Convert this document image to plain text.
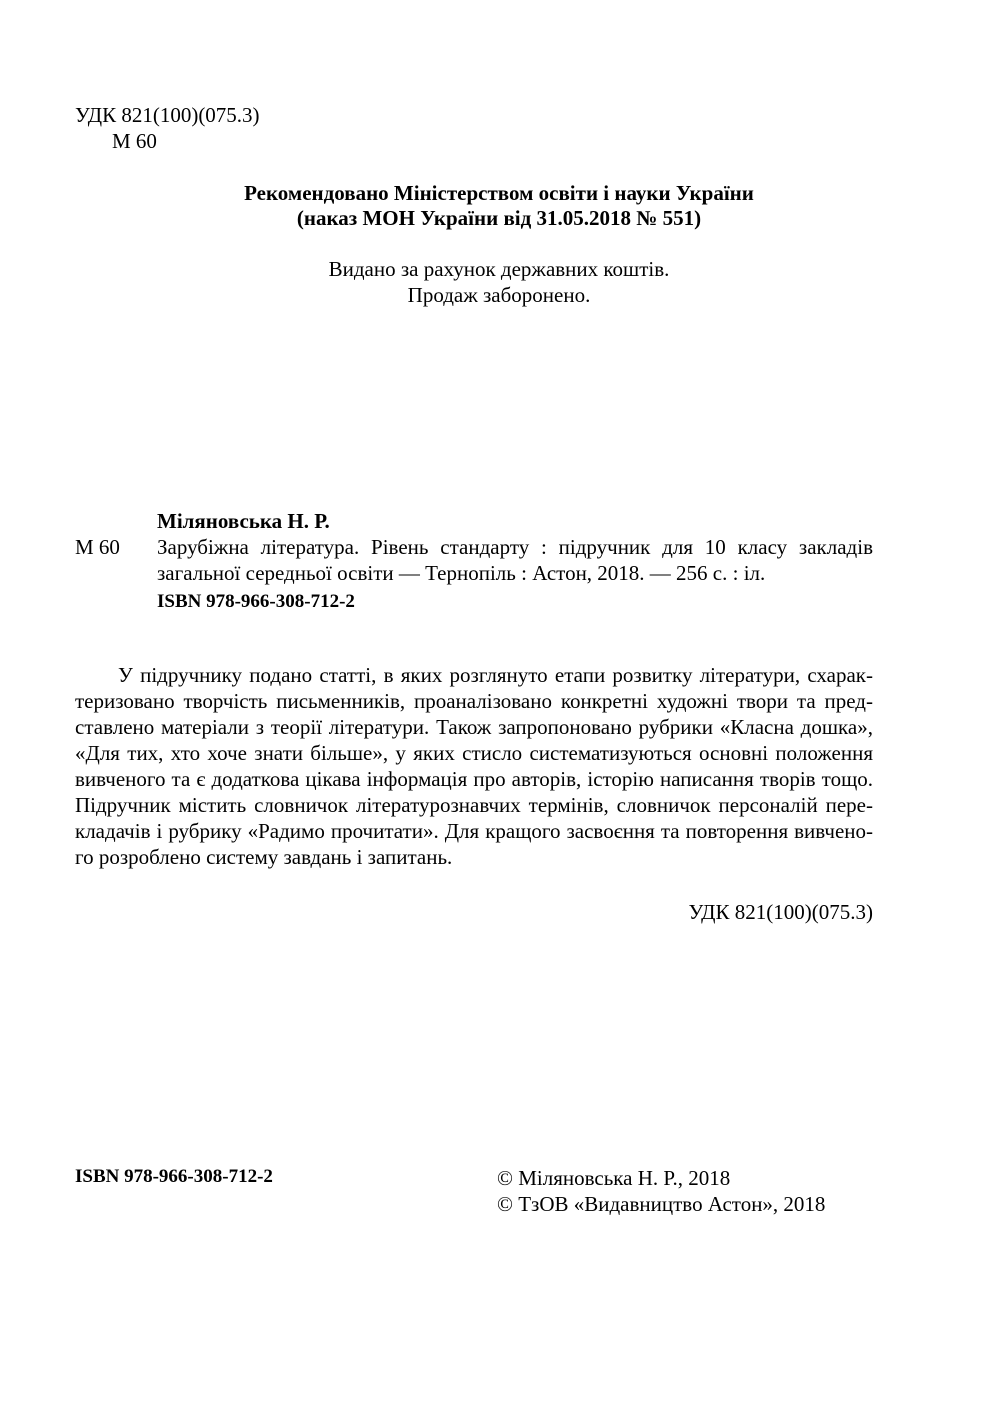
УДК 821(100)(075.3)

М 60

Рекомендовано Міністерством освіти і науки України

(наказ МОН України від 31.05.2018 № 551)

Видано за рахунок державних коштів.

Продаж заборонено.

Міляновська Н. Р.

М 60 Зарубіжна література. Рівень стандарту : підручник для 10 класу закладів

загальної середньої освіти — Тернопіль : Астон, 2018. — 256 с. : іл.

ISBN 978-966-308-712-2

У підручнику подано статті, в яких розглянуто етапи розвитку літератури, схарак-

теризовано творчість письменників, проаналізовано конкретні художні твори та пред-

ставлено матеріали з теорії літератури. Також запропоновано рубрики «Класна дошка»,

«Для тих, хто хоче знати більше», у яких стисло систематизуються основні положення

вивченого та є додаткова цікава інформація про авторів, історію написання творів тощо.

Підручник містить словничок літературознавчих термінів, словничок персоналій пере-

кладачів і рубрику «Радимо прочитати». Для кращого засвоєння та повторення вивчено-

го розроблено систему завдань і запитань.

УДК 821(100)(075.3)

ISBN 978-966-308-712-2	© Міляновська Н. Р., 2018

© ТзОВ «Видавництво Астон», 2018
